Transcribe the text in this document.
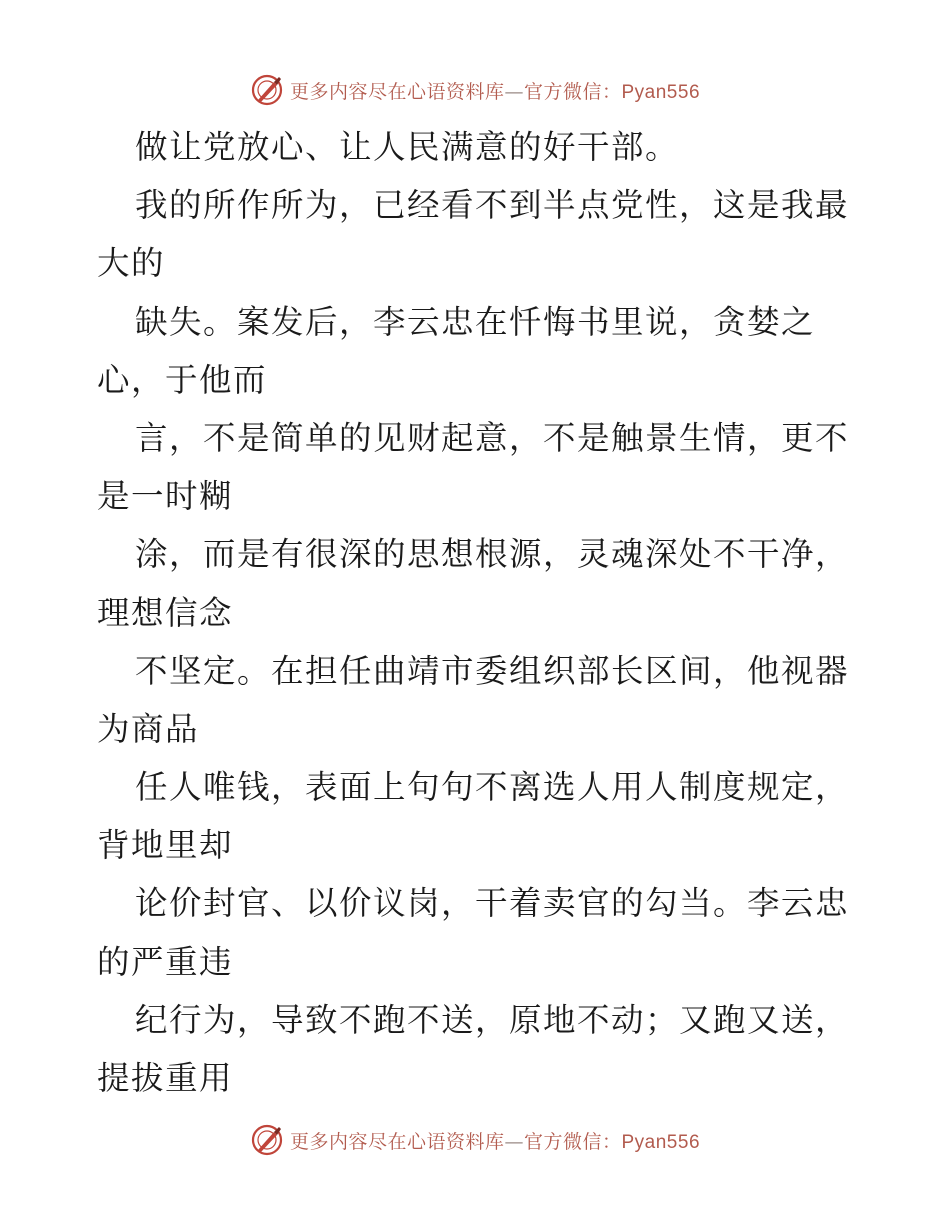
更多内容尽在心语资料库—官方微信：Pyan556
做让党放心、让人民满意的好干部。
我的所作所为，已经看不到半点党性，这是我最
大的
缺失。案发后，李云忠在忏悔书里说，贪婪之
心，于他而
言，不是简单的见财起意，不是触景生情，更不
是一时糊
涂，而是有很深的思想根源，灵魂深处不干净，
理想信念
不坚定。在担任曲靖市委组织部长区间，他视器
为商品
任人唯钱，表面上句句不离选人用人制度规定，
背地里却
论价封官、以价议岗，干着卖官的勾当。李云忠
的严重违
纪行为，导致不跑不送，原地不动；又跑又送，
提拔重用
更多内容尽在心语资料库—官方微信：Pyan556
